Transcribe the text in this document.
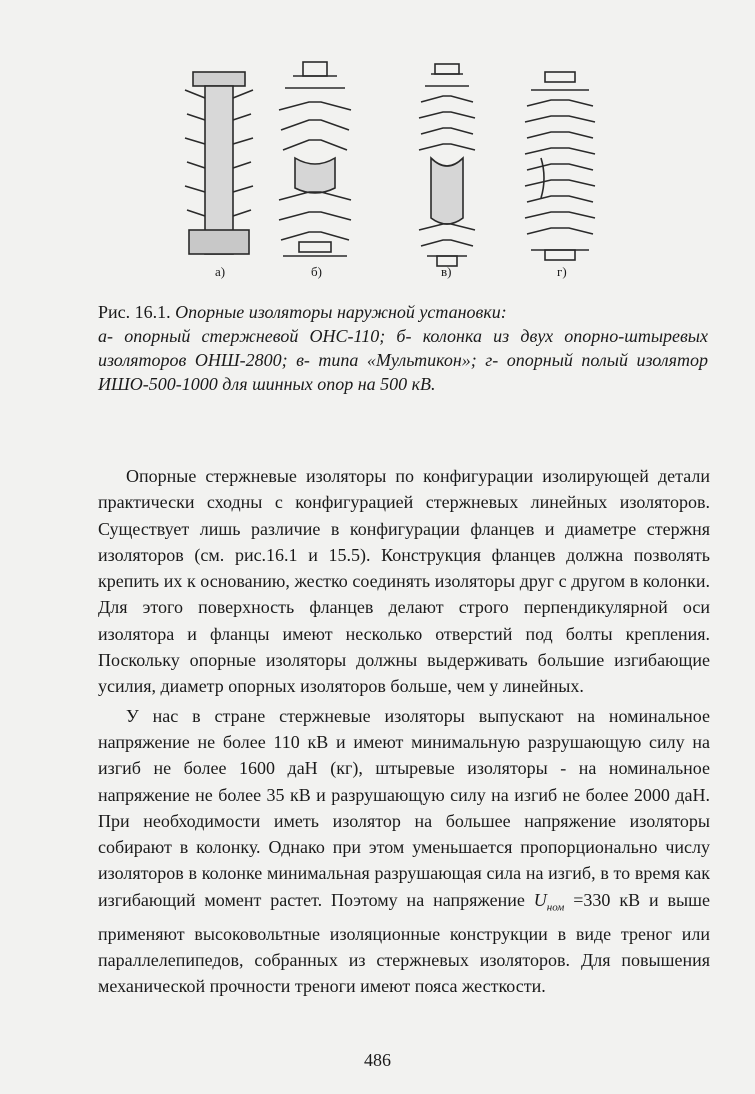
а)	б)	в)	г)
Рис. 16.1. Опорные изоляторы наружной установки:
а- опорный стержневой ОНС-110; б- колонка из двух опорно-штыревых изоляторов ОНШ-2800; в- типа «Мультикон»; г- опорный полый изолятор ИШО-500-1000 для шинных опор на 500 кВ.

Опорные стержневые изоляторы по конфигурации изолирующей детали практически сходны с конфигурацией стержневых линейных изоляторов. Существует лишь различие в конфигурации фланцев и диаметре стержня изоляторов (см. рис.16.1 и 15.5). Конструкция фланцев должна позволять крепить их к основанию, жестко соединять изоляторы друг с другом в колонки. Для этого поверхность фланцев делают строго перпендикулярной оси изолятора и фланцы имеют несколько отверстий под болты крепления. Поскольку опорные изоляторы должны выдерживать большие изгибающие усилия, диаметр опорных изоляторов больше, чем у линейных.

У нас в стране стержневые изоляторы выпускают на номинальное напряжение не более 110 кВ и имеют минимальную разрушающую силу на изгиб не более 1600 даН (кг), штыревые изоляторы - на номинальное напряжение не более 35 кВ и разрушающую силу на изгиб не более 2000 даН. При необходимости иметь изолятор на большее напряжение изоляторы собирают в колонку. Однако при этом уменьшается пропорционально числу изоляторов в колонке минимальная разрушающая сила на изгиб, в то время как изгибающий момент растет. Поэтому на напряжение $U_{ном} =330$ кВ и выше применяют высоковольтные изоляционные конструкции в виде треног или параллелепипедов, собранных из стержневых изоляторов. Для повышения механической прочности треноги имеют пояса жесткости.

486
